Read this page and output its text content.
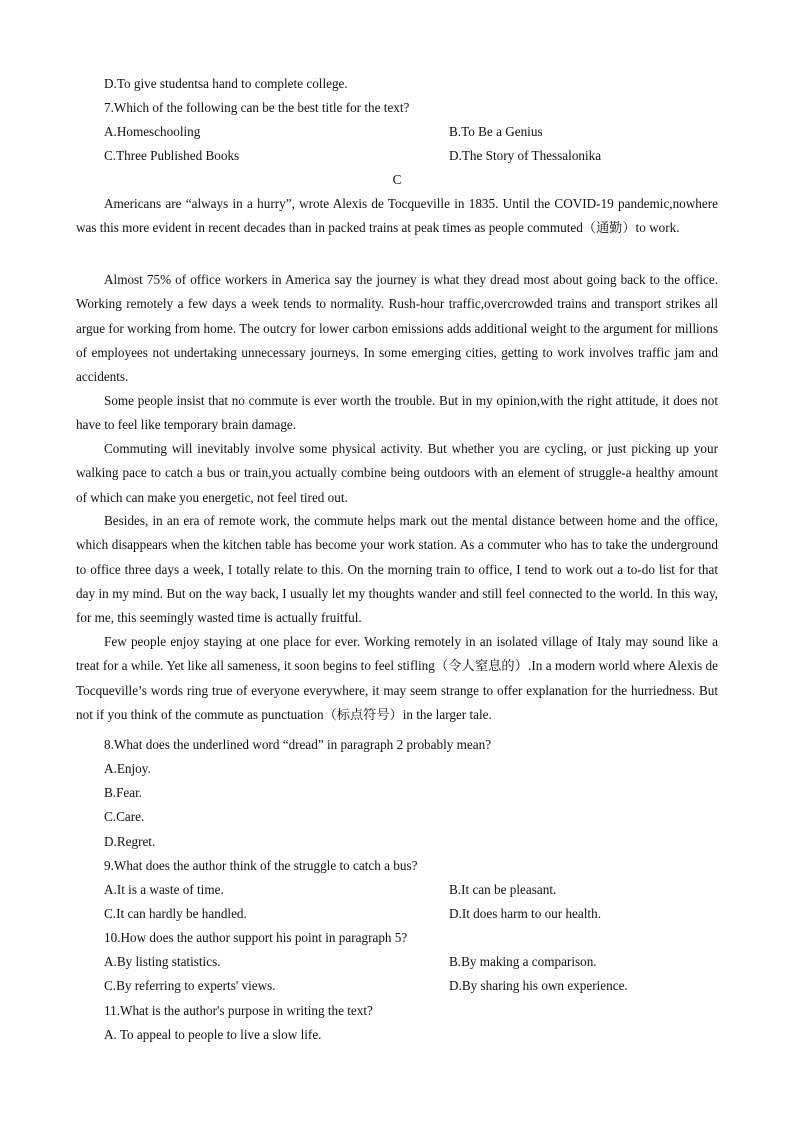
D.To give studentsa hand to complete college.
7.Which of the following can be the best title for the text?
A.Homeschooling	B.To Be a Genius
C.Three Published Books	D.The Story of Thessalonika
C
Americans are “always in a hurry”, wrote Alexis de Tocqueville in 1835. Until the COVID-19 pandemic,nowhere was this more evident in recent decades than in packed trains at peak times as people commuted（通勤）to work.
Almost 75% of office workers in America say the journey is what they dread most about going back to the office. Working remotely a few days a week tends to normality. Rush-hour traffic,overcrowded trains and transport strikes all argue for working from home. The outcry for lower carbon emissions adds additional weight to the argument for millions of employees not undertaking unnecessary journeys. In some emerging cities, getting to work involves traffic jam and accidents.
Some people insist that no commute is ever worth the trouble. But in my opinion,with the right attitude, it does not have to feel like temporary brain damage.
Commuting will inevitably involve some physical activity. But whether you are cycling, or just picking up your walking pace to catch a bus or train,you actually combine being outdoors with an element of struggle-a healthy amount of which can make you energetic, not feel tired out.
Besides, in an era of remote work, the commute helps mark out the mental distance between home and the office, which disappears when the kitchen table has become your work station. As a commuter who has to take the underground to office three days a week, I totally relate to this. On the morning train to office, I tend to work out a to-do list for that day in my mind. But on the way back, I usually let my thoughts wander and still feel connected to the world. In this way, for me, this seemingly wasted time is actually fruitful.
Few people enjoy staying at one place for ever. Working remotely in an isolated village of Italy may sound like a treat for a while. Yet like all sameness, it soon begins to feel stifling（令人窒息的）.In a modern world where Alexis de Tocqueville’s words ring true of everyone everywhere, it may seem strange to offer explanation for the hurriedness. But not if you think of the commute as punctuation（标点符号）in the larger tale.
8.What does the underlined word “dread” in paragraph 2 probably mean?
A.Enjoy.
B.Fear.
C.Care.
D.Regret.
9.What does the author think of the struggle to catch a bus?
A.It is a waste of time.	B.It can be pleasant.
C.It can hardly be handled.	D.It does harm to our health.
10.How does the author support his point in paragraph 5?
A.By listing statistics.	B.By making a comparison.
C.By referring to experts' views.	D.By sharing his own experience.
11.What is the author's purpose in writing the text?
A. To appeal to people to live a slow life.
